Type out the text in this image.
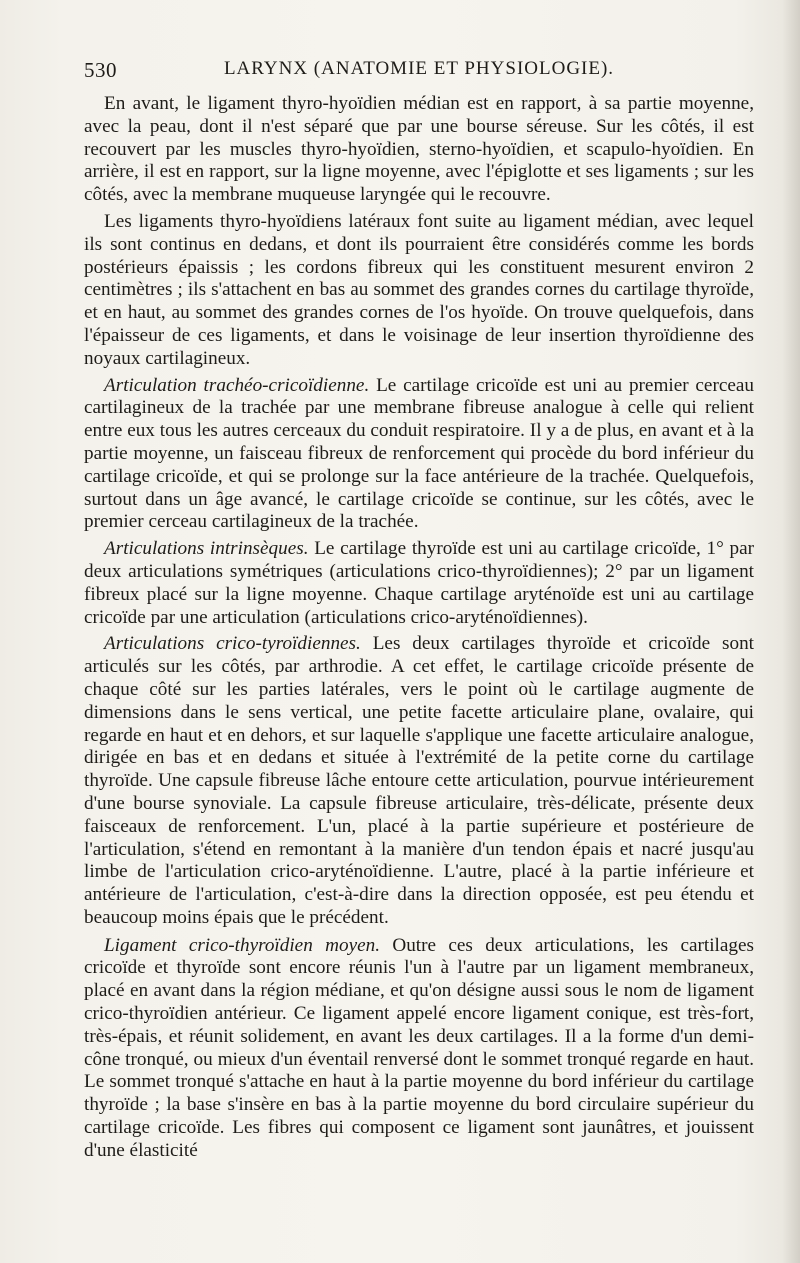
530	LARYNX (ANATOMIE ET PHYSIOLOGIE).

En avant, le ligament thyro-hyoïdien médian est en rapport, à sa partie moyenne, avec la peau, dont il n'est séparé que par une bourse séreuse. Sur les côtés, il est recouvert par les muscles thyro-hyoïdien, sterno-hyoïdien, et scapulo-hyoïdien. En arrière, il est en rapport, sur la ligne moyenne, avec l'épiglotte et ses ligaments ; sur les côtés, avec la membrane muqueuse laryngée qui le recouvre.

Les ligaments thyro-hyoïdiens latéraux font suite au ligament médian, avec lequel ils sont continus en dedans, et dont ils pourraient être considérés comme les bords postérieurs épaissis ; les cordons fibreux qui les constituent mesurent environ 2 centimètres ; ils s'attachent en bas au sommet des grandes cornes du cartilage thyroïde, et en haut, au sommet des grandes cornes de l'os hyoïde. On trouve quelquefois, dans l'épaisseur de ces ligaments, et dans le voisinage de leur insertion thyroïdienne des noyaux cartilagineux.

Articulation trachéo-cricoïdienne. Le cartilage cricoïde est uni au premier cerceau cartilagineux de la trachée par une membrane fibreuse analogue à celle qui relient entre eux tous les autres cerceaux du conduit respiratoire. Il y a de plus, en avant et à la partie moyenne, un faisceau fibreux de renforcement qui procède du bord inférieur du cartilage cricoïde, et qui se prolonge sur la face antérieure de la trachée. Quelquefois, surtout dans un âge avancé, le cartilage cricoïde se continue, sur les côtés, avec le premier cerceau cartilagineux de la trachée.

Articulations intrinsèques. Le cartilage thyroïde est uni au cartilage cricoïde, 1° par deux articulations symétriques (articulations crico-thyroïdiennes); 2° par un ligament fibreux placé sur la ligne moyenne. Chaque cartilage aryténoïde est uni au cartilage cricoïde par une articulation (articulations crico-aryténoïdiennes).

Articulations crico-tyroïdiennes. Les deux cartilages thyroïde et cricoïde sont articulés sur les côtés, par arthrodie. A cet effet, le cartilage cricoïde présente de chaque côté sur les parties latérales, vers le point où le cartilage augmente de dimensions dans le sens vertical, une petite facette articulaire plane, ovalaire, qui regarde en haut et en dehors, et sur laquelle s'applique une facette articulaire analogue, dirigée en bas et en dedans et située à l'extrémité de la petite corne du cartilage thyroïde. Une capsule fibreuse lâche entoure cette articulation, pourvue intérieurement d'une bourse synoviale. La capsule fibreuse articulaire, très-délicate, présente deux faisceaux de renforcement. L'un, placé à la partie supérieure et postérieure de l'articulation, s'étend en remontant à la manière d'un tendon épais et nacré jusqu'au limbe de l'articulation crico-aryténoïdienne. L'autre, placé à la partie inférieure et antérieure de l'articulation, c'est-à-dire dans la direction opposée, est peu étendu et beaucoup moins épais que le précédent.

Ligament crico-thyroïdien moyen. Outre ces deux articulations, les cartilages cricoïde et thyroïde sont encore réunis l'un à l'autre par un ligament membraneux, placé en avant dans la région médiane, et qu'on désigne aussi sous le nom de ligament crico-thyroïdien antérieur. Ce ligament appelé encore ligament conique, est très-fort, très-épais, et réunit solidement, en avant les deux cartilages. Il a la forme d'un demi-cône tronqué, ou mieux d'un éventail renversé dont le sommet tronqué regarde en haut. Le sommet tronqué s'attache en haut à la partie moyenne du bord inférieur du cartilage thyroïde ; la base s'insère en bas à la partie moyenne du bord circulaire supérieur du cartilage cricoïde. Les fibres qui composent ce ligament sont jaunâtres, et jouissent d'une élasticité
